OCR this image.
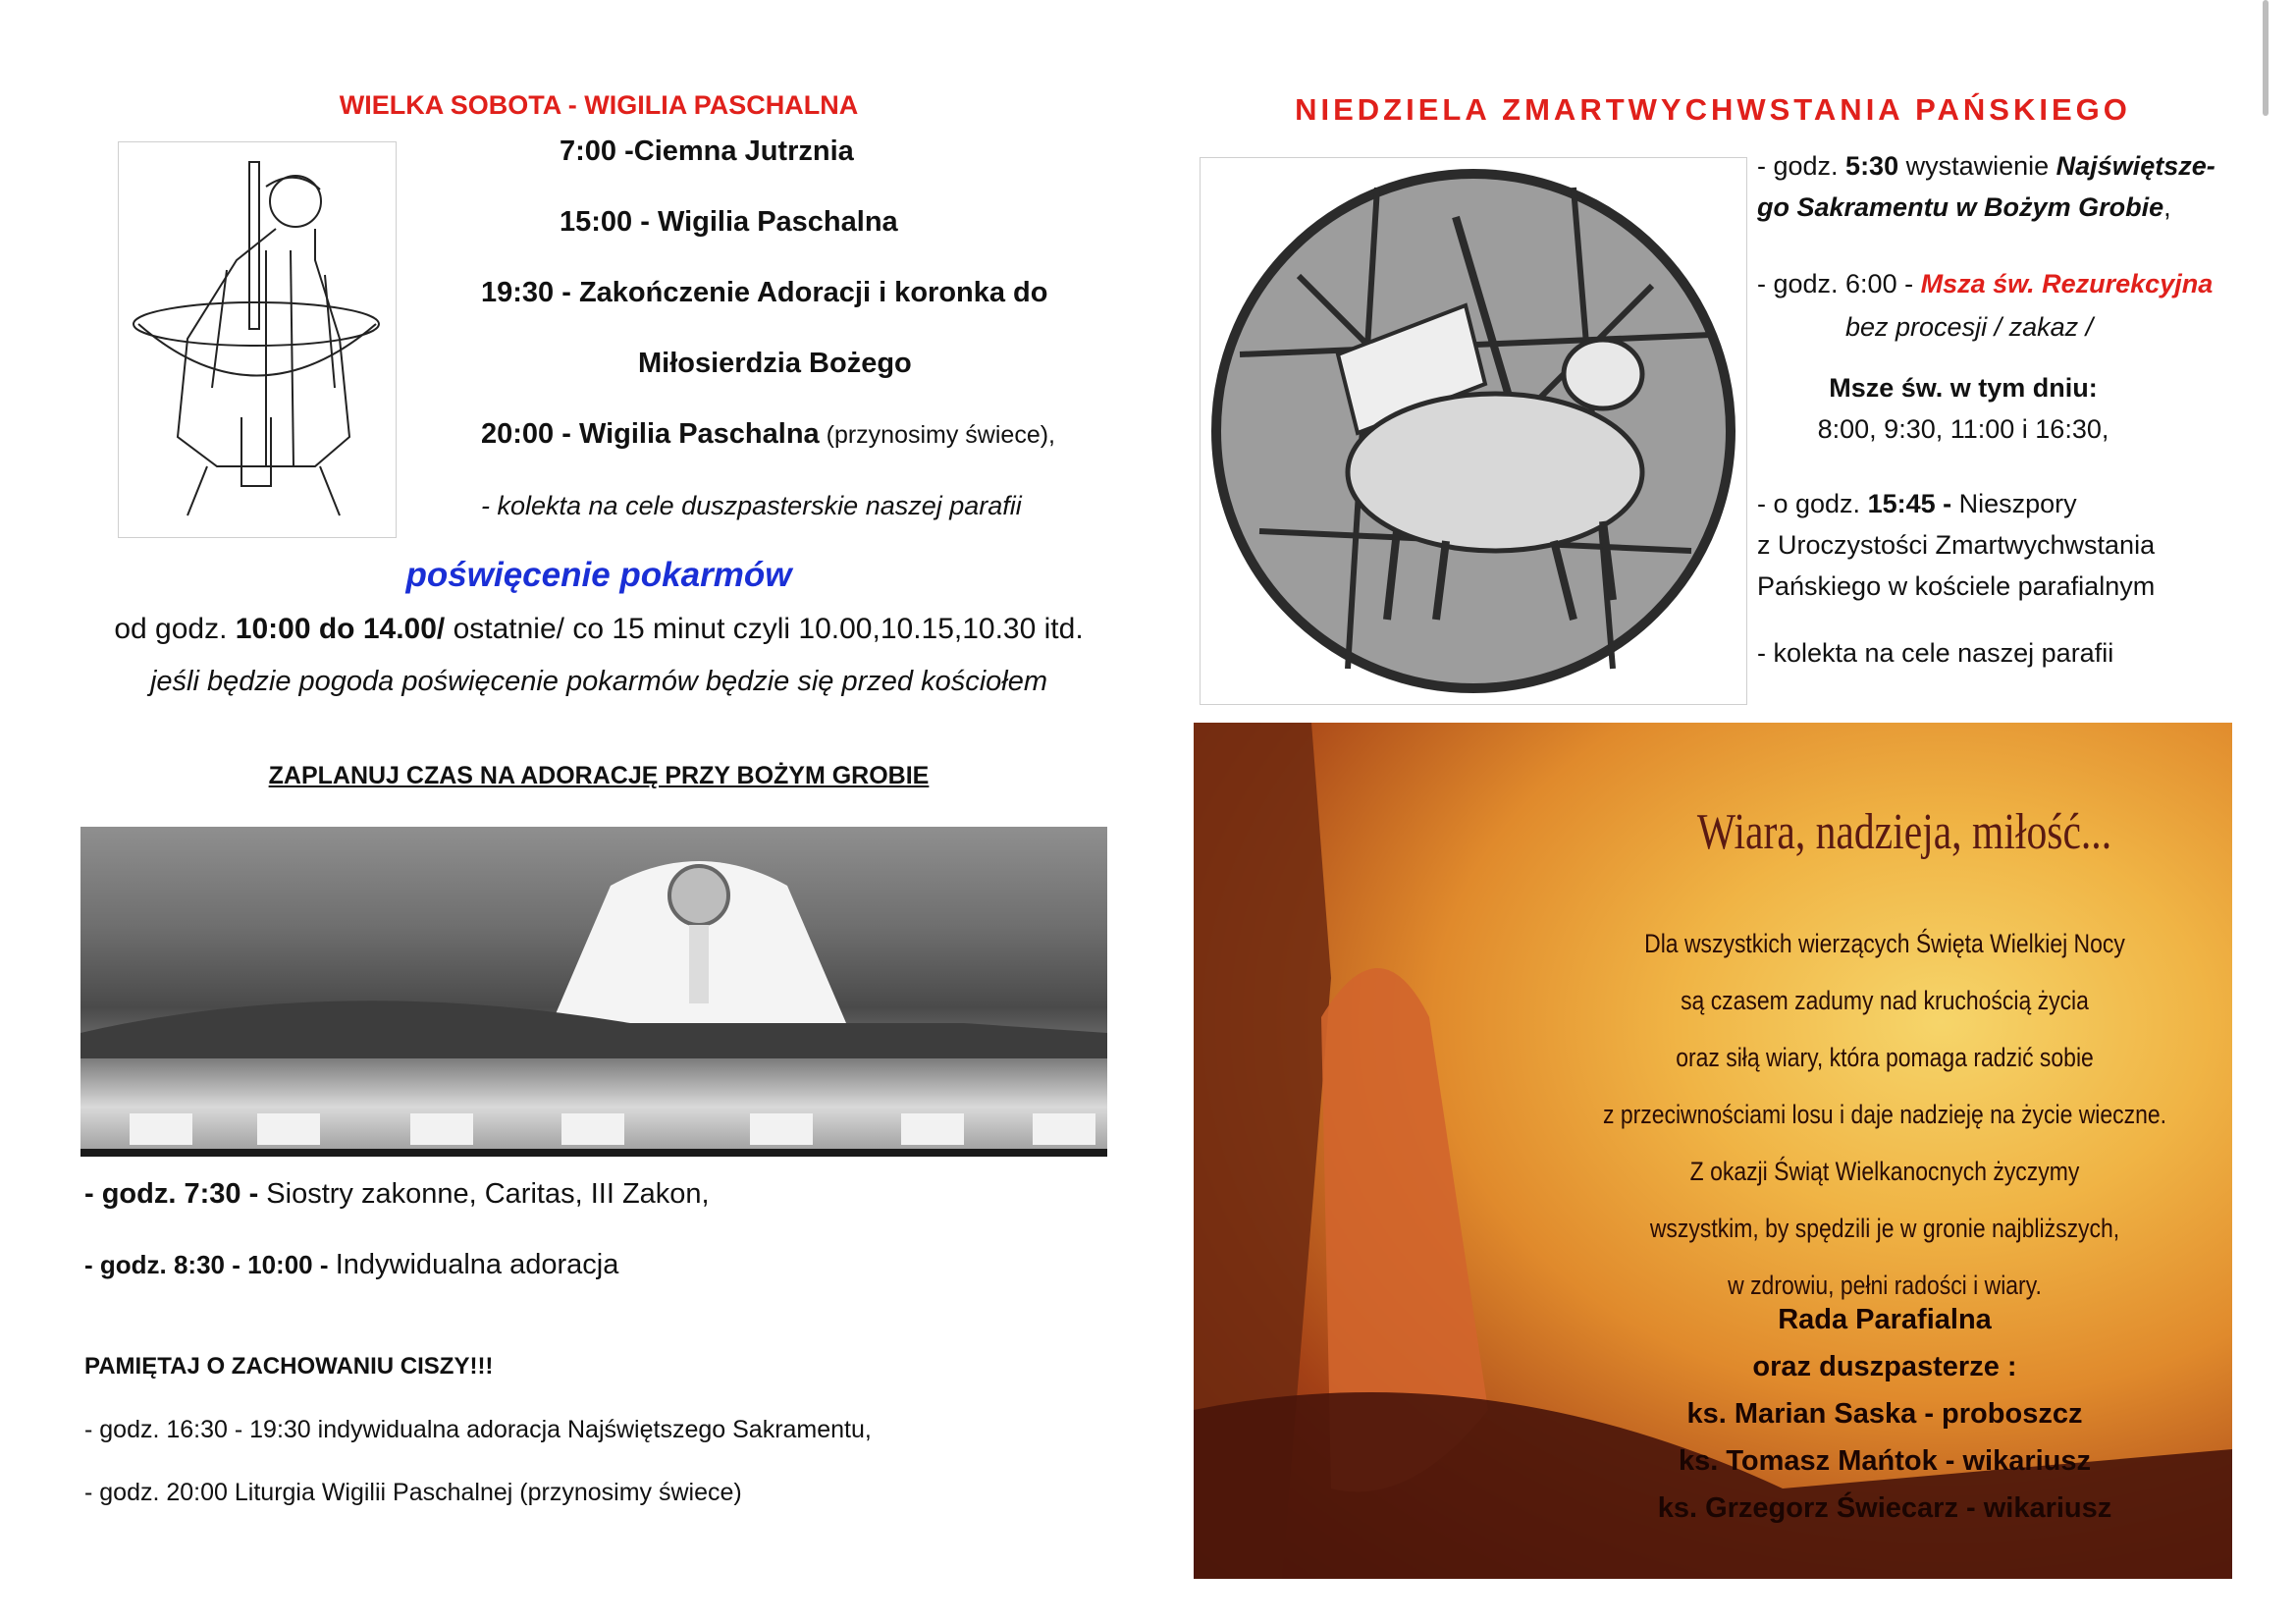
WIELKA SOBOTA - WIGILIA PASCHALNA
7:00 -Ciemna Jutrznia
15:00 - Wigilia Paschalna
19:30 - Zakończenie Adoracji i koronka do
Miłosierdzia Bożego
20:00 - Wigilia Paschalna (przynosimy świece),
- kolekta na cele duszpasterskie naszej parafii
poświęcenie pokarmów
od godz. 10:00 do 14.00/ ostatnie/ co 15 minut czyli 10.00,10.15,10.30 itd.
jeśli będzie pogoda poświęcenie pokarmów będzie się przed kościołem
ZAPLANUJ CZAS NA ADORACJĘ PRZY BOŻYM GROBIE
- godz. 7:30 - Siostry zakonne, Caritas, III Zakon,
- godz. 8:30 - 10:00 - Indywidualna adoracja
PAMIĘTAJ O ZACHOWANIU CISZY!!!
- godz. 16:30 - 19:30 indywidualna adoracja Najświętszego Sakramentu,
- godz. 20:00 Liturgia Wigilii Paschalnej (przynosimy świece)
NIEDZIELA ZMARTWYCHWSTANIA PAŃSKIEGO
- godz. 5:30 wystawienie Najświętsze-
go Sakramentu w Bożym Grobie,
- godz. 6:00 - Msza św. Rezurekcyjna
bez procesji / zakaz /
Msze św. w tym dniu:
8:00, 9:30, 11:00 i 16:30,
- o godz. 15:45 - Nieszpory
z Uroczystości Zmartwychwstania
Pańskiego w kościele parafialnym
- kolekta na cele naszej parafii
Wiara, nadzieja, miłość...
Dla wszystkich wierzących Święta Wielkiej Nocy
są czasem zadumy nad kruchością życia
oraz siłą wiary, która pomaga radzić sobie
z przeciwnościami losu i daje nadzieję na życie wieczne.
Z okazji Świąt Wielkanocnych życzymy
wszystkim, by spędzili je w gronie najbliższych,
w zdrowiu, pełni radości i wiary.
Rada Parafialna
oraz duszpasterze :
ks. Marian Saska - proboszcz
ks. Tomasz Mańtok - wikariusz
ks. Grzegorz Świecarz - wikariusz
